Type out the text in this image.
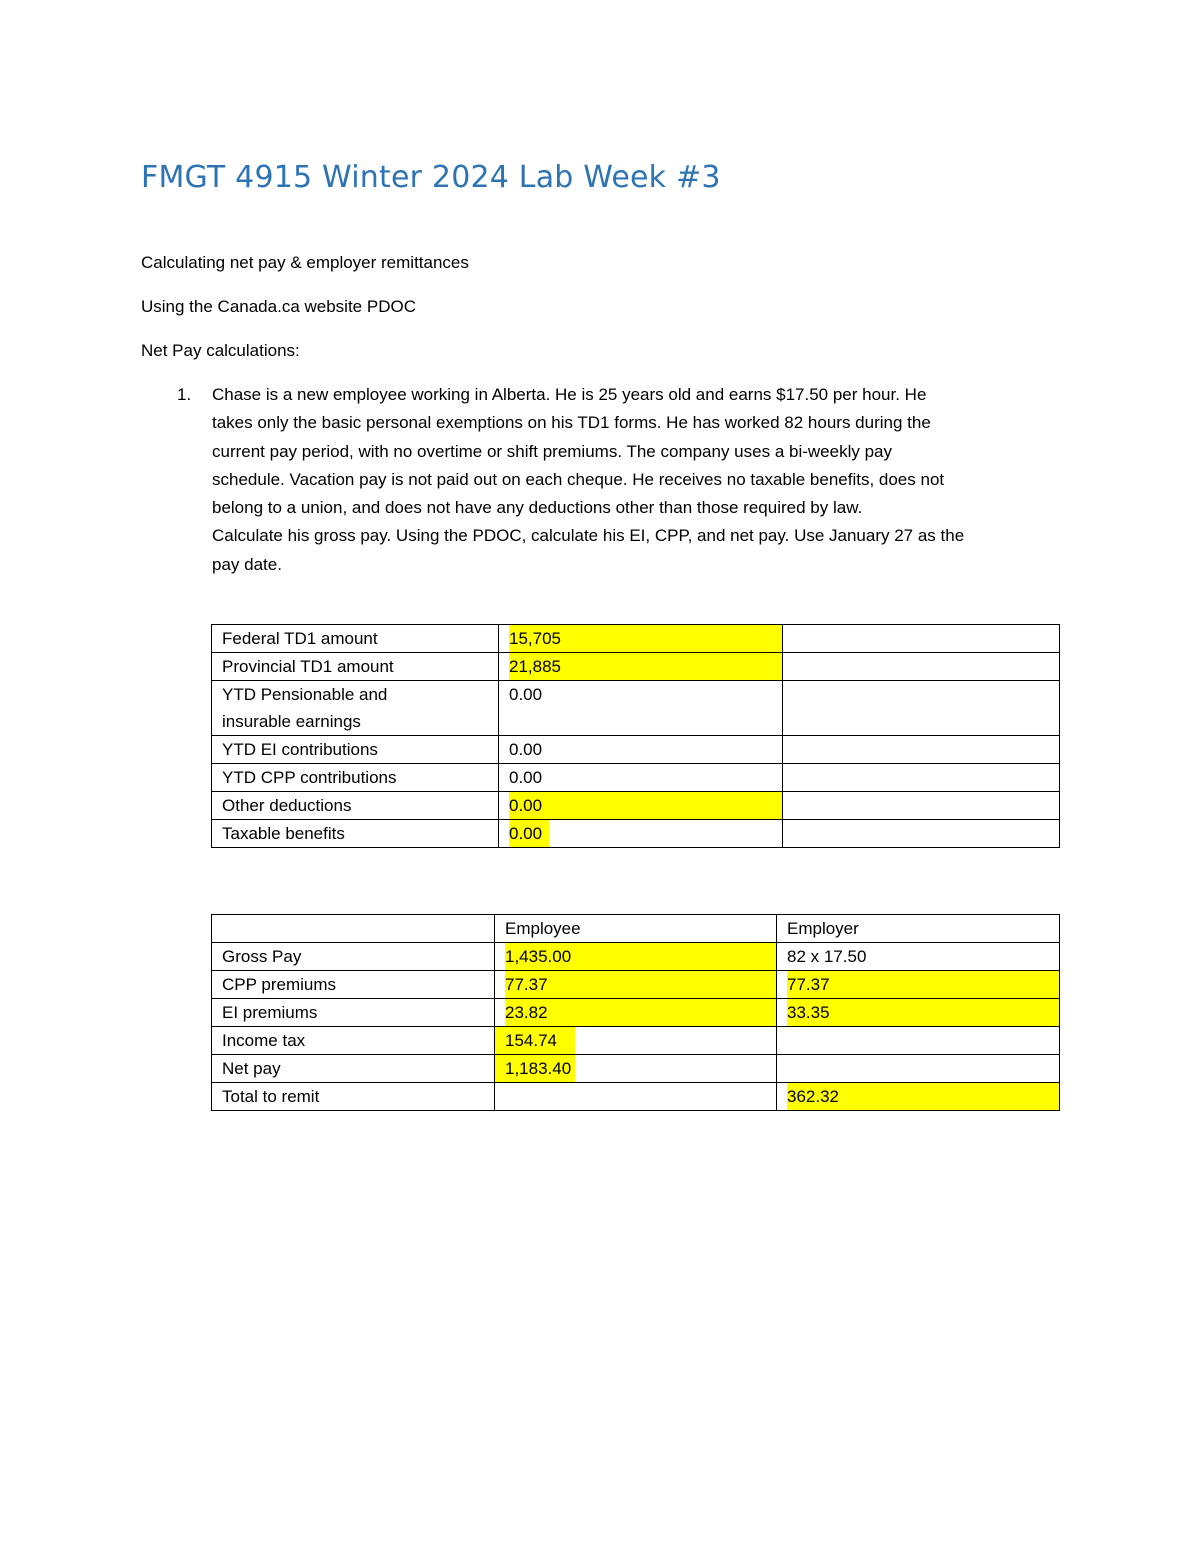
FMGT 4915 Winter 2024 Lab Week #3
Calculating net pay & employer remittances
Using the Canada.ca website PDOC
Net Pay calculations:
1. Chase is a new employee working in Alberta. He is 25 years old and earns $17.50 per hour. He
takes only the basic personal exemptions on his TD1 forms. He has worked 82 hours during the
current pay period, with no overtime or shift premiums. The company uses a bi-weekly pay
schedule. Vacation pay is not paid out on each cheque. He receives no taxable benefits, does not
belong to a union, and does not have any deductions other than those required by law.
Calculate his gross pay. Using the PDOC, calculate his EI, CPP, and net pay. Use January 27 as the
pay date.
Federal TD1 amount	15,705	
Provincial TD1 amount	21,885	

YTD Pensionable and
insurable earnings	0.00	
YTD EI contributions	0.00	
YTD CPP contributions	0.00	
Other deductions	0.00	
Taxable benefits	0.00	
	Employee	Employer
Gross Pay	1,435.00	82 x 17.50
CPP premiums	77.37	77.37
EI premiums	23.82	33.35
Income tax	154.74	
Net pay	1,183.40	
Total to remit		362.32
